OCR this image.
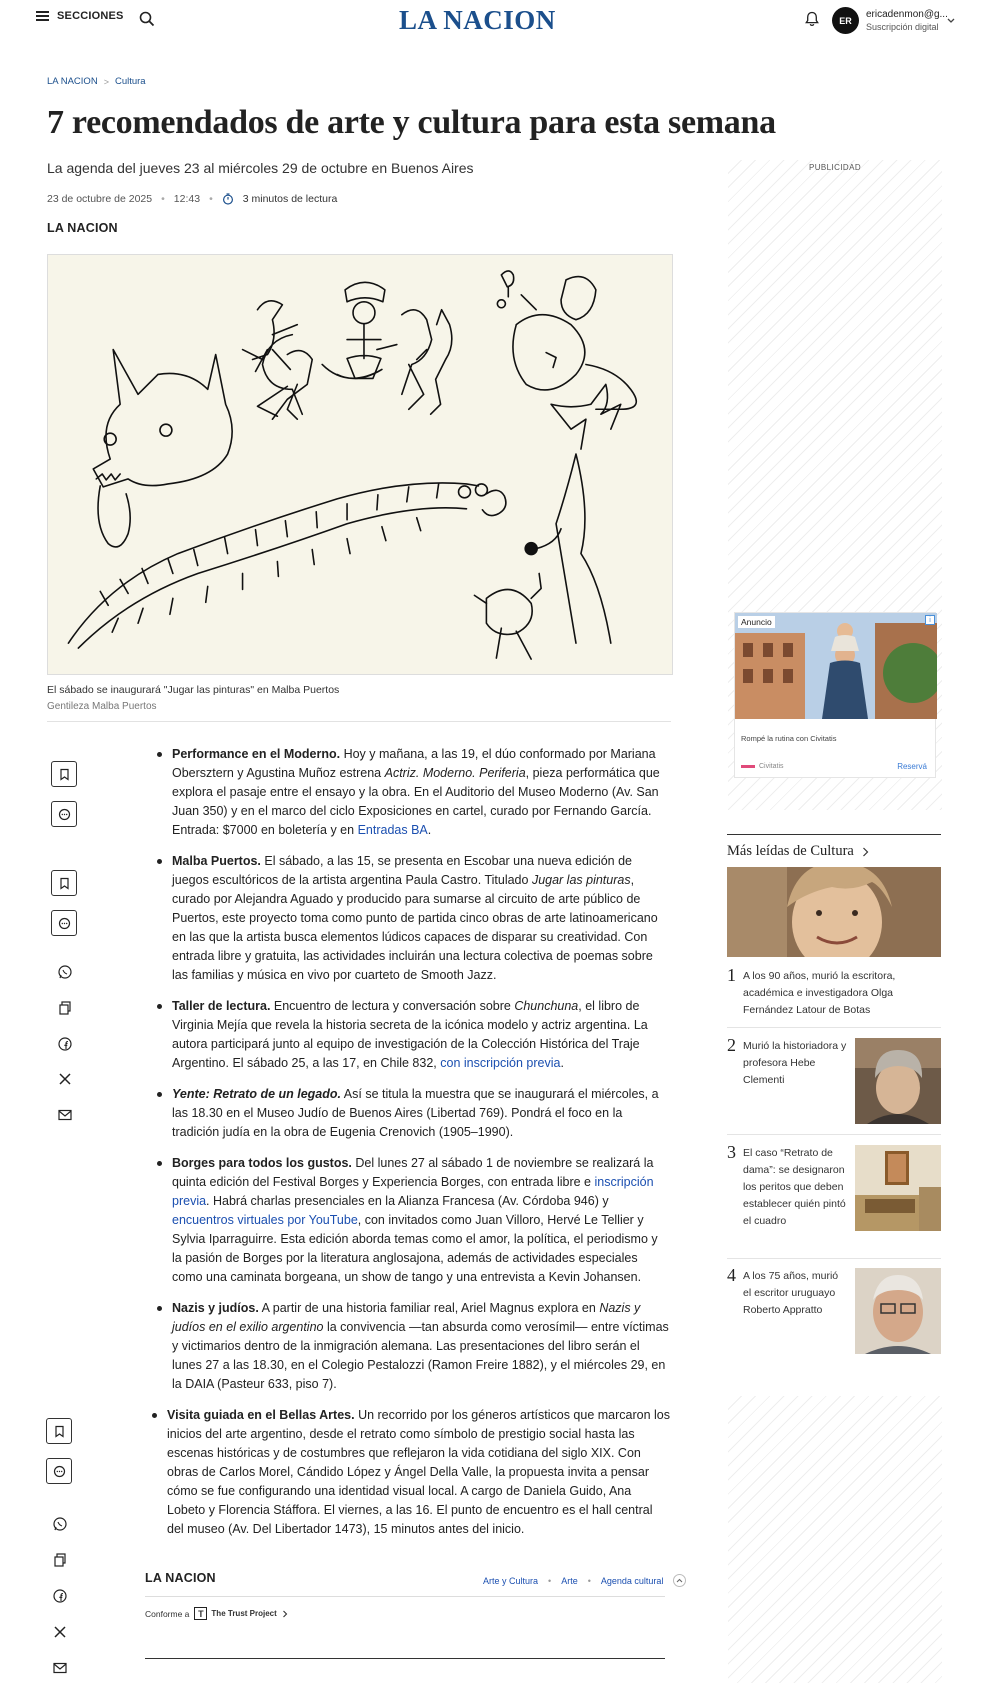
SECCIONES	LA NACION	ER
ericadenmon@g...
Suscripción digital
LA NACION > Cultura
7 recomendados de arte y cultura para esta semana
La agenda del jueves 23 al miércoles 29 de octubre en Buenos Aires
23 de octubre de 2025 • 12:43 •	3 minutos de lectura
LA NACION
El sábado se inaugurará "Jugar las pinturas" en Malba Puertos
Gentileza Malba Puertos
Performance en el Moderno. Hoy y mañana, a las 19, el dúo conformado por Mariana Obersztern y Agustina Muñoz estrena Actriz. Moderno. Periferia, pieza performática que explora el pasaje entre el ensayo y la obra. En el Auditorio del Museo Moderno (Av. San Juan 350) y en el marco del ciclo Exposiciones en cartel, curado por Fernando García. Entrada: $7000 en boletería y en Entradas BA.
Malba Puertos. El sábado, a las 15, se presenta en Escobar una nueva edición de juegos escultóricos de la artista argentina Paula Castro. Titulado Jugar las pinturas, curado por Alejandra Aguado y producido para sumarse al circuito de arte público de Puertos, este proyecto toma como punto de partida cinco obras de arte latinoamericano en las que la artista busca elementos lúdicos capaces de disparar su creatividad. Con entrada libre y gratuita, las actividades incluirán una lectura colectiva de poemas sobre las familias y música en vivo por cuarteto de Smooth Jazz.
Taller de lectura. Encuentro de lectura y conversación sobre Chunchuna, el libro de Virginia Mejía que revela la historia secreta de la icónica modelo y actriz argentina. La autora participará junto al equipo de investigación de la Colección Histórica del Traje Argentino. El sábado 25, a las 17, en Chile 832, con inscripción previa.
Yente: Retrato de un legado. Así se titula la muestra que se inaugurará el miércoles, a las 18.30 en el Museo Judío de Buenos Aires (Libertad 769). Pondrá el foco en la tradición judía en la obra de Eugenia Crenovich (1905–1990).
Borges para todos los gustos. Del lunes 27 al sábado 1 de noviembre se realizará la quinta edición del Festival Borges y Experiencia Borges, con entrada libre e inscripción previa. Habrá charlas presenciales en la Alianza Francesa (Av. Córdoba 946) y encuentros virtuales por YouTube, con invitados como Juan Villoro, Hervé Le Tellier y Sylvia Iparraguirre. Esta edición aborda temas como el amor, la política, el periodismo y la pasión de Borges por la literatura anglosajona, además de actividades especiales como una caminata borgeana, un show de tango y una entrevista a Kevin Johansen.
Nazis y judíos. A partir de una historia familiar real, Ariel Magnus explora en Nazis y judíos en el exilio argentino la convivencia —tan absurda como verosímil— entre víctimas y victimarios dentro de la inmigración alemana. Las presentaciones del libro serán el lunes 27 a las 18.30, en el Colegio Pestalozzi (Ramon Freire 1882), y el miércoles 29, en la DAIA (Pasteur 633, piso 7).
Visita guiada en el Bellas Artes. Un recorrido por los géneros artísticos que marcaron los inicios del arte argentino, desde el retrato como símbolo de prestigio social hasta las escenas históricas y de costumbres que reflejaron la vida cotidiana del siglo XIX. Con obras de Carlos Morel, Cándido López y Ángel Della Valle, la propuesta invita a pensar cómo se fue configurando una identidad visual local. A cargo de Daniela Guido, Ana Lobeto y Florencia Stáffora. El viernes, a las 16. El punto de encuentro es el hall central del museo (Av. Del Libertador 1473), 15 minutos antes del inicio.
LA NACION	Arte y Cultura • Arte • Agenda cultural
Conforme a T The Trust Project
PUBLICIDAD
Anuncio	i
Rompé la rutina con Civitatis
Civitatis	Reservá
Más leídas de Cultura
1 A los 90 años, murió la escritora, académica e investigadora Olga Fernández Latour de Botas
2 Murió la historiadora y profesora Hebe Clementi
3 El caso “Retrato de dama”: se designaron los peritos que deben establecer quién pintó el cuadro
4 A los 75 años, murió el escritor uruguayo Roberto Appratto
